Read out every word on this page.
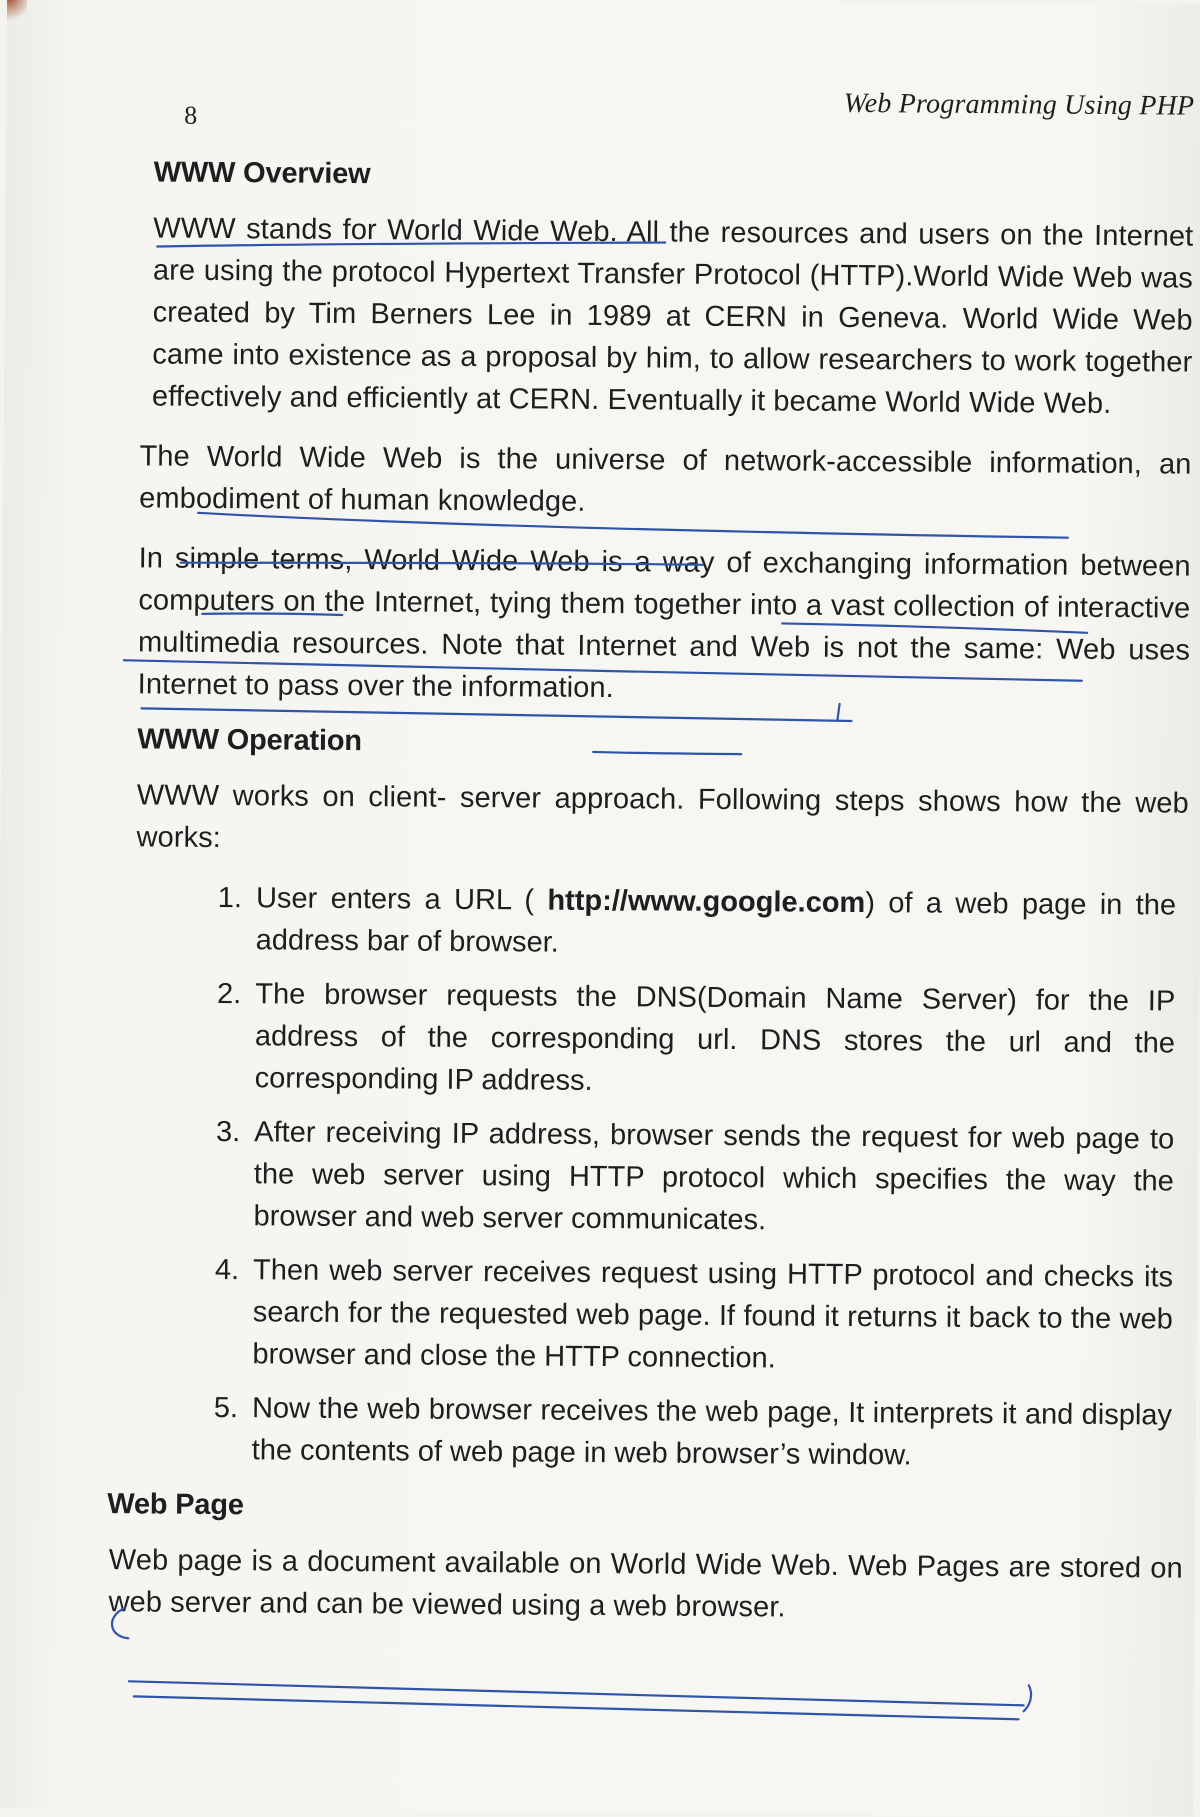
8	Web Programming Using PHP
WWW Overview

WWW stands for World Wide Web. All the resources and users on the Internet are using the protocol Hypertext Transfer Protocol (HTTP).World Wide Web was created by Tim Berners Lee in 1989 at CERN in Geneva. World Wide Web came into existence as a proposal by him, to allow researchers to work together effectively and efficiently at CERN. Eventually it became World Wide Web.

The World Wide Web is the universe of network-accessible information, an embodiment of human knowledge.

In simple terms, World Wide Web is a way of exchanging information between computers on the Internet, tying them together into a vast collection of interactive multimedia resources. Note that Internet and Web is not the same: Web uses Internet to pass over the information.

WWW Operation

WWW works on client- server approach. Following steps shows how the web works:

1. User enters a URL ( http://www.google.com) of a web page in the address bar of browser.
2. The browser requests the DNS(Domain Name Server) for the IP address of the corresponding url. DNS stores the url and the corresponding IP address.
3. After receiving IP address, browser sends the request for web page to the web server using HTTP protocol which specifies the way the browser and web server communicates.
4. Then web server receives request using HTTP protocol and checks its search for the requested web page. If found it returns it back to the web browser and close the HTTP connection.
5. Now the web browser receives the web page, It interprets it and display the contents of web page in web browser’s window.
Web Page

Web page is a document available on World Wide Web. Web Pages are stored on web server and can be viewed using a web browser.
